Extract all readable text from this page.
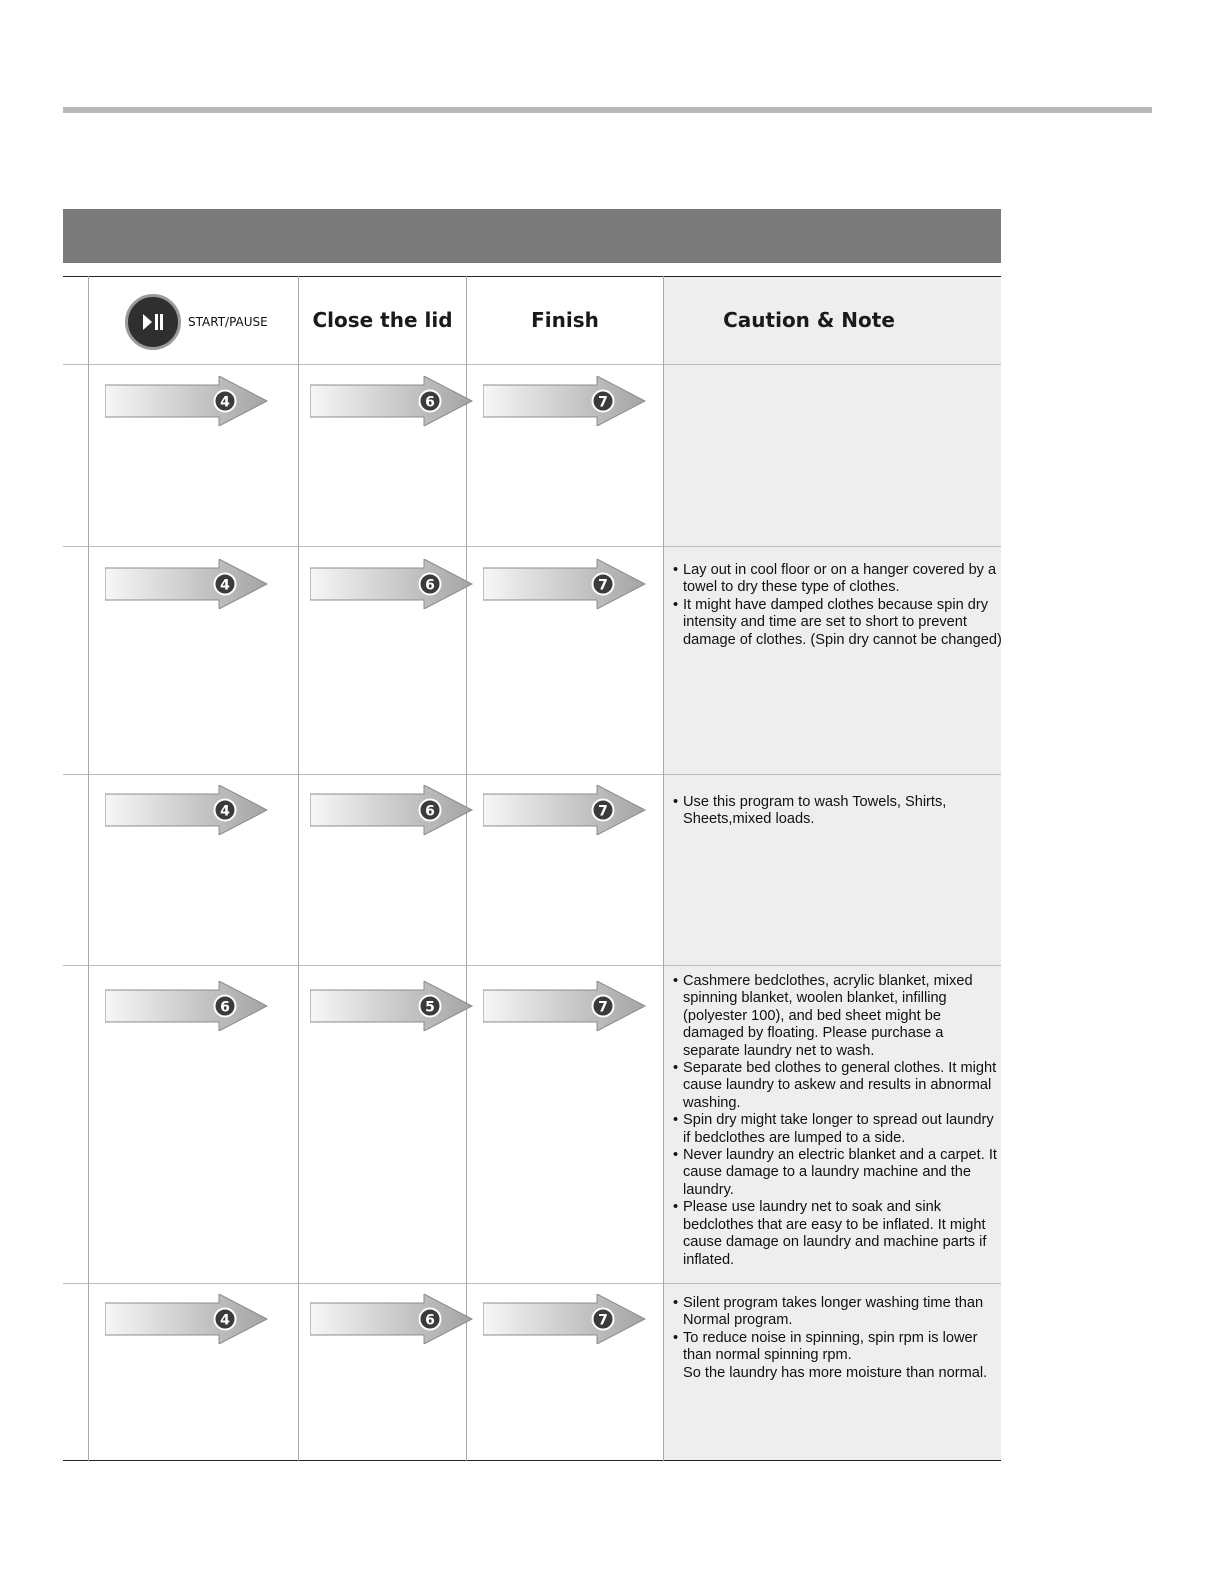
START/PAUSE	Close the lid	Finish	Caution & Note
4	6	7
4	6	7
• Lay out in cool floor or on a hanger covered by a towel to dry these type of clothes.
• It might have damped clothes because spin dry intensity and time are set to short to prevent damage of clothes. (Spin dry cannot be changed)
4	6	7
• Use this program to wash Towels, Shirts, Sheets,mixed loads.
6	5	7
• Cashmere bedclothes, acrylic blanket, mixed spinning blanket, woolen blanket, infilling (polyester 100), and bed sheet might be damaged by floating. Please purchase a separate laundry net to wash.
• Separate bed clothes to general clothes. It might cause laundry to askew and results in abnormal washing.
• Spin dry might take longer to spread out laundry if bedclothes are lumped to a side.
• Never laundry an electric blanket and a carpet. It cause damage to a laundry machine and the laundry.
• Please use laundry net to soak and sink bedclothes that are easy to be inflated. It might cause damage on laundry and machine parts if inflated.
4	6	7
• Silent program takes longer washing time than Normal program.
• To reduce noise in spinning, spin rpm is lower than normal spinning rpm.
So the laundry has more moisture than normal.
